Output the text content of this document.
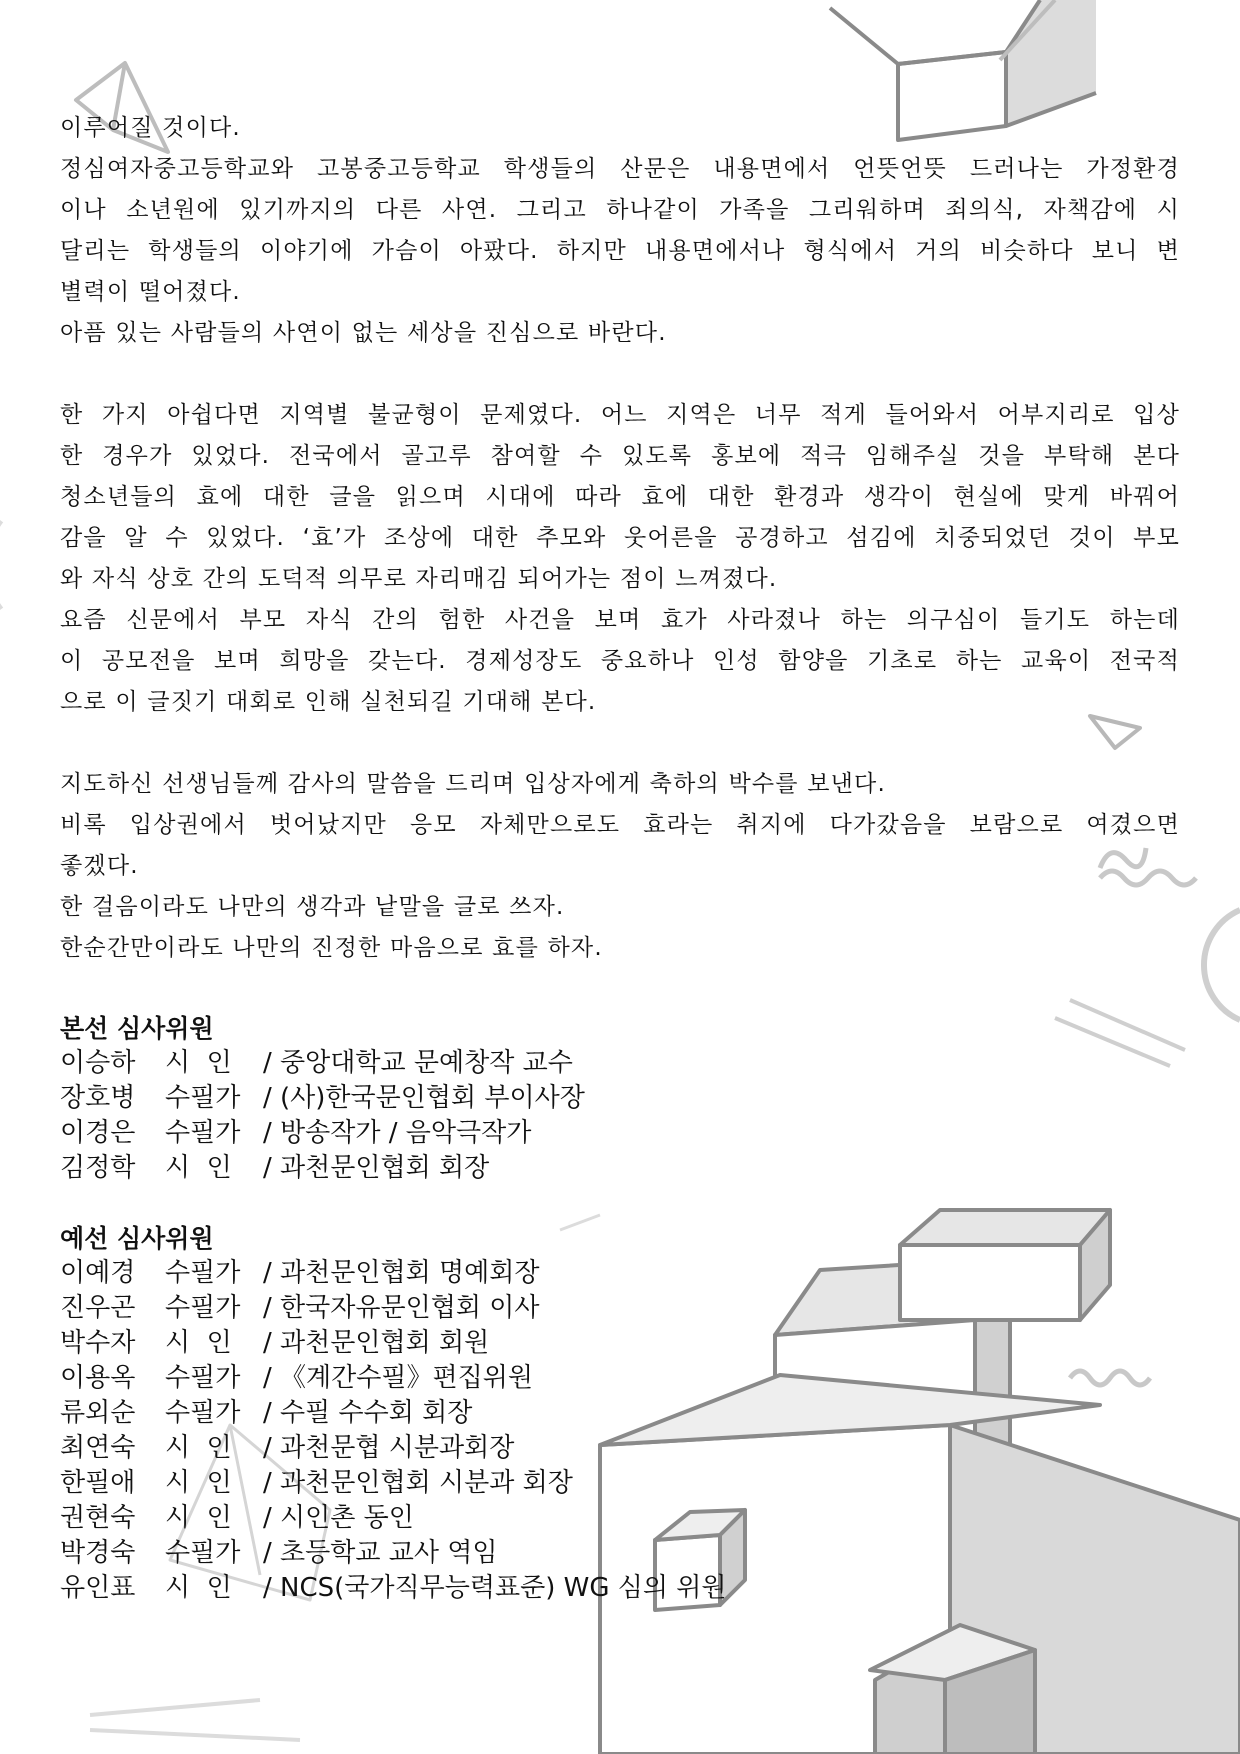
이루어질 것이다.

정심여자중고등학교와 고봉중고등학교 학생들의 산문은 내용면에서 언뜻언뜻 드러나는 가정환경

이나 소년원에 있기까지의 다른 사연. 그리고 하나같이 가족을 그리워하며 죄의식, 자책감에 시

달리는 학생들의 이야기에 가슴이 아팠다. 하지만 내용면에서나 형식에서 거의 비슷하다 보니 변

별력이 떨어졌다.

아픔 있는 사람들의 사연이 없는 세상을 진심으로 바란다.

한 가지 아쉽다면 지역별 불균형이 문제였다. 어느 지역은 너무 적게 들어와서 어부지리로 입상

한 경우가 있었다. 전국에서 골고루 참여할 수 있도록 홍보에 적극 임해주실 것을 부탁해 본다

청소년들의 효에 대한 글을 읽으며 시대에 따라 효에 대한 환경과 생각이 현실에 맞게 바꿔어

감을 알 수 있었다. ‘효’가 조상에 대한 추모와 웃어른을 공경하고 섬김에 치중되었던 것이 부모

와 자식 상호 간의 도덕적 의무로 자리매김 되어가는 점이 느껴졌다.

요즘 신문에서 부모 자식 간의 험한 사건을 보며 효가 사라졌나 하는 의구심이 들기도 하는데

이 공모전을 보며 희망을 갖는다. 경제성장도 중요하나 인성 함양을 기초로 하는 교육이 전국적

으로 이 글짓기 대회로 인해 실천되길 기대해 본다.

지도하신 선생님들께 감사의 말씀을 드리며 입상자에게 축하의 박수를 보낸다.

비록 입상권에서 벗어났지만 응모 자체만으로도 효라는 취지에 다가갔음을 보람으로 여겼으면

좋겠다.

한 걸음이라도 나만의 생각과 낱말을 글로 쓰자.

한순간만이라도 나만의 진정한 마음으로 효를 하자.

본선 심사위원
이승하 시  인 / 중앙대학교 문예창작 교수
장호병 수필가 / (사)한국문인협회 부이사장
이경은 수필가 / 방송작가 / 음악극작가
김정학 시  인 / 과천문인협회 회장
예선 심사위원
이예경 수필가 / 과천문인협회 명예회장
진우곤 수필가 / 한국자유문인협회 이사
박수자 시  인 / 과천문인협회 회원
이용옥 수필가 / 《계간수필》편집위원
류외순 수필가 / 수필 수수회 회장
최연숙 시  인 / 과천문협 시분과회장
한필애 시  인 / 과천문인협회 시분과 회장
권현숙 시  인 / 시인촌 동인
박경숙 수필가 / 초등학교 교사 역임
유인표 시  인 / NCS(국가직무능력표준) WG 심의 위원
